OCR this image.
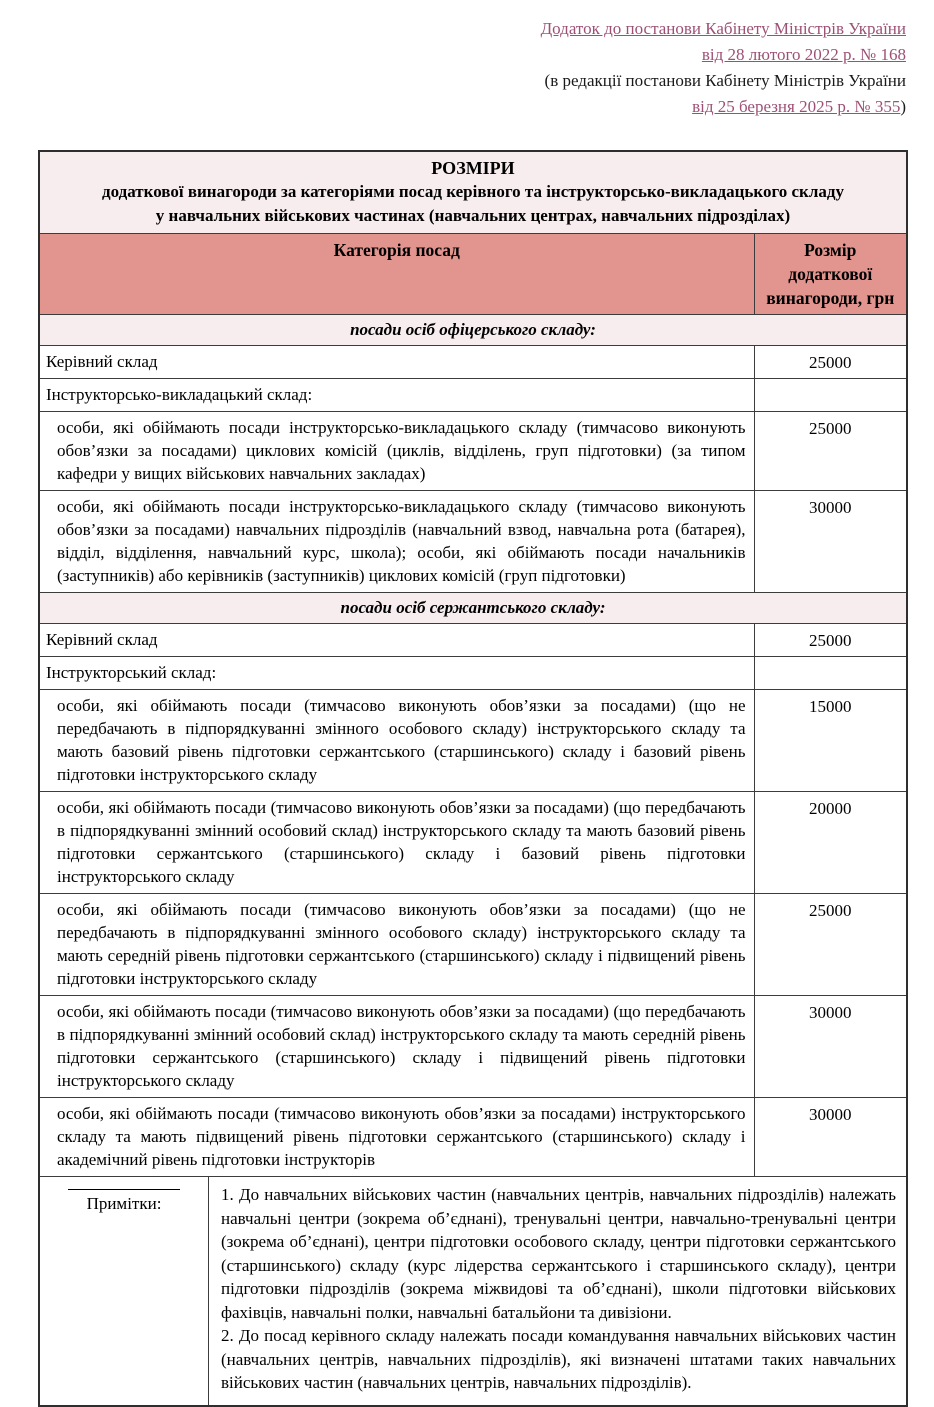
Додаток до постанови Кабінету Міністрів України
від 28 лютого 2022 р. № 168
(в редакції постанови Кабінету Міністрів України
від 25 березня 2025 р. № 355)
РОЗМІРИ
додаткової винагороди за категоріями посад керівного та інструкторсько-викладацького складу
у навчальних військових частинах (навчальних центрах, навчальних підрозділах)	

Категорія посад	Розмір додаткової винагороди, грн
посади осіб офіцерського складу:	
Керівний склад	25000
Інструкторсько-викладацький склад:	
особи, які обіймають посади інструкторсько-викладацького складу (тимчасово виконують обов’язки за посадами) циклових комісій (циклів, відділень, груп підготовки) (за типом кафедри у вищих військових навчальних закладах)	25000
особи, які обіймають посади інструкторсько-викладацького складу (тимчасово виконують обов’язки за посадами) навчальних підрозділів (навчальний взвод, навчальна рота (батарея), відділ, відділення, навчальний курс, школа); особи, які обіймають посади начальників (заступників) або керівників (заступників) циклових комісій (груп підготовки)	30000
посади осіб сержантського складу:	
Керівний склад	25000
Інструкторський склад:	
особи, які обіймають посади (тимчасово виконують обов’язки за посадами) (що не передбачають в підпорядкуванні змінного особового складу) інструкторського складу та мають базовий рівень підготовки сержантського (старшинського) складу і базовий рівень підготовки інструкторського складу	15000
особи, які обіймають посади (тимчасово виконують обов’язки за посадами) (що передбачають в підпорядкуванні змінний особовий склад) інструкторського складу та мають базовий рівень підготовки сержантського (старшинського) складу і базовий рівень підготовки інструкторського складу	20000
особи, які обіймають посади (тимчасово виконують обов’язки за посадами) (що не передбачають в підпорядкуванні змінного особового складу) інструкторського складу та мають середній рівень підготовки сержантського (старшинського) складу і підвищений рівень підготовки інструкторського складу	25000
особи, які обіймають посади (тимчасово виконують обов’язки за посадами) (що передбачають в підпорядкуванні змінний особовий склад) інструкторського складу та мають середній рівень підготовки сержантського (старшинського) складу і підвищений рівень підготовки інструкторського складу	30000
особи, які обіймають посади (тимчасово виконують обов’язки за посадами) інструкторського складу та мають підвищений рівень підготовки сержантського (старшинського) складу і академічний рівень підготовки інструкторів	30000

Примітки: 1. До навчальних військових частин (навчальних центрів, навчальних підрозділів) належать навчальні центри (зокрема об’єднані), тренувальні центри, навчально-тренувальні центри (зокрема об’єднані), центри підготовки особового складу, центри підготовки сержантського (старшинського) складу (курс лідерства сержантського і старшинського складу), центри підготовки підрозділів (зокрема міжвидові та об’єднані), школи підготовки військових фахівців, навчальні полки, навчальні батальйони та дивізіони.

2. До посад керівного складу належать посади командування навчальних військових частин (навчальних центрів, навчальних підрозділів), які визначені штатами таких навчальних військових частин (навчальних центрів, навчальних підрозділів).	
